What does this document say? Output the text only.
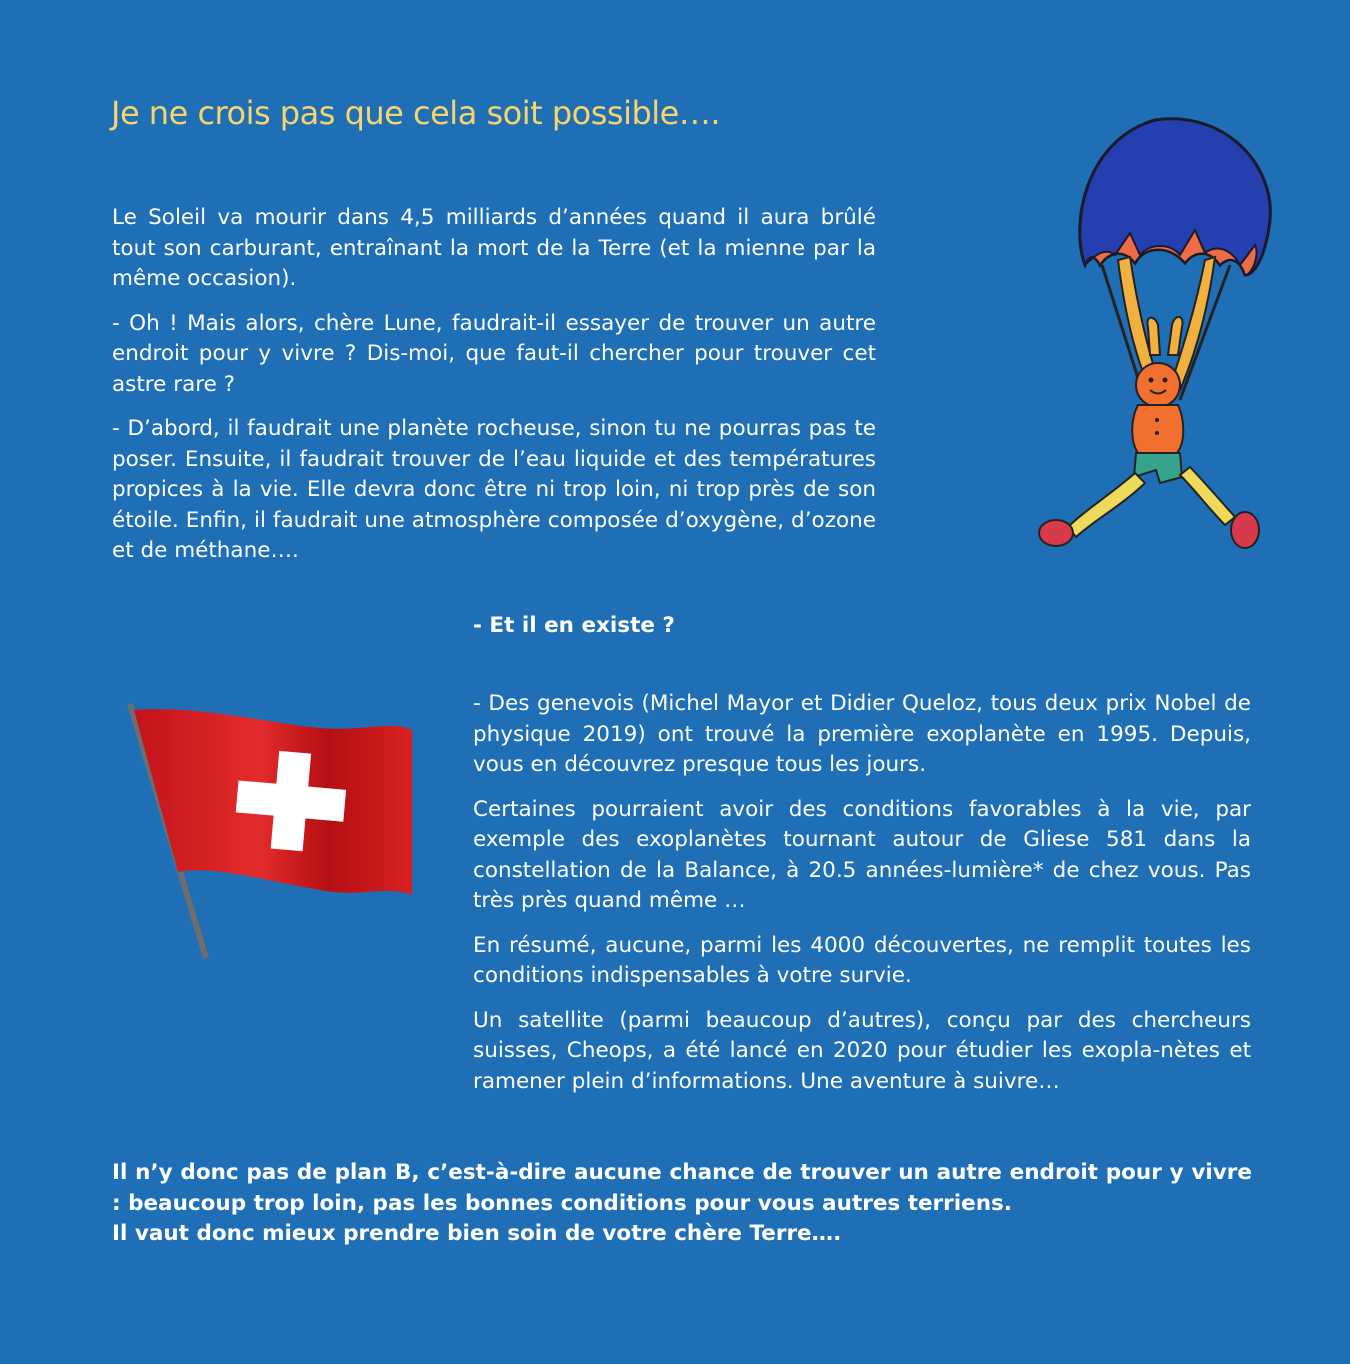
Je ne crois pas que cela soit possible….

Le Soleil va mourir dans 4,5 milliards d’années quand il aura brûlé tout son carburant, entraînant la mort de la Terre (et la mienne par la même occasion).

- Oh ! Mais alors, chère Lune, faudrait-il essayer de trouver un autre endroit pour y vivre ? Dis-moi, que faut-il chercher pour trouver cet astre rare ?

- D’abord, il faudrait une planète rocheuse, sinon tu ne pourras pas te poser. Ensuite, il faudrait trouver de l’eau liquide et des températures propices à la vie. Elle devra donc être ni trop loin, ni trop près de son étoile. Enfin, il faudrait une atmosphère composée d’oxygène, d’ozone et de méthane….

- Et il en existe ?

- Des genevois (Michel Mayor et Didier Queloz, tous deux prix Nobel de physique 2019) ont trouvé la première exoplanète en 1995. Depuis, vous en découvrez presque tous les jours.

Certaines pourraient avoir des conditions favorables à la vie, par exemple des exoplanètes tournant autour de Gliese 581 dans la constellation de la Balance, à 20.5 années-lumière* de chez vous. Pas très près quand même …

En résumé, aucune, parmi les 4000 découvertes, ne remplit toutes les conditions indispensables à votre survie.

Un satellite (parmi beaucoup d’autres), conçu par des chercheurs suisses, Cheops, a été lancé en 2020 pour étudier les exopla-nètes et ramener plein d’informations. Une aventure à suivre…

Il n’y donc pas de plan B, c’est-à-dire aucune chance de trouver un autre endroit pour y vivre : beaucoup trop loin, pas les bonnes conditions pour vous autres terriens.
Il vaut donc mieux prendre bien soin de votre chère Terre….
